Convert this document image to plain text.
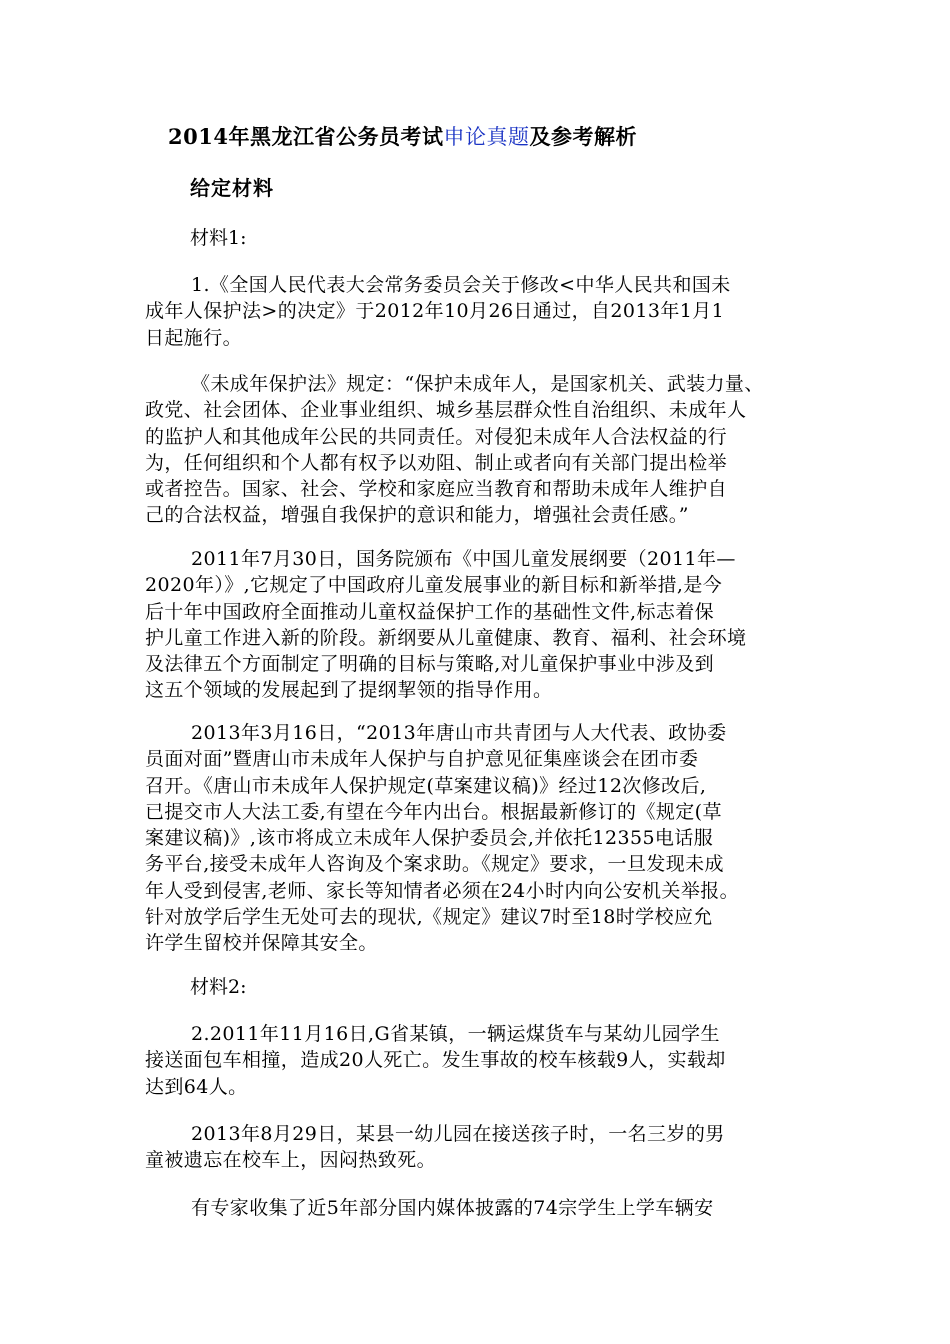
2014年黑龙江省公务员考试申论真题及参考解析
给定材料
材料1:
1.《全国人民代表大会常务委员会关于修改<中华人民共和国未
成年人保护法>的决定》于2012年10月26日通过，自2013年1月1
日起施行。
《未成年保护法》规定：“保护未成年人，是国家机关、武装力量、
政党、社会团体、企业事业组织、城乡基层群众性自治组织、未成年人
的监护人和其他成年公民的共同责任。对侵犯未成年人合法权益的行
为，任何组织和个人都有权予以劝阻、制止或者向有关部门提出检举
或者控告。国家、社会、学校和家庭应当教育和帮助未成年人维护自
己的合法权益，增强自我保护的意识和能力，增强社会责任感。”
2011年7月30日，国务院颁布《中国儿童发展纲要（2011年—
2020年）》,它规定了中国政府儿童发展事业的新目标和新举措,是今
后十年中国政府全面推动儿童权益保护工作的基础性文件,标志着保
护儿童工作进入新的阶段。新纲要从儿童健康、教育、福利、社会环境
及法律五个方面制定了明确的目标与策略,对儿童保护事业中涉及到
这五个领域的发展起到了提纲挈领的指导作用。
2013年3月16日，“2013年唐山市共青团与人大代表、政协委
员面对面”暨唐山市未成年人保护与自护意见征集座谈会在团市委
召开。《唐山市未成年人保护规定(草案建议稿)》经过12次修改后,
已提交市人大法工委,有望在今年内出台。根据最新修订的《规定(草
案建议稿)》,该市将成立未成年人保护委员会,并依托12355电话服
务平台,接受未成年人咨询及个案求助。《规定》要求，一旦发现未成
年人受到侵害,老师、家长等知情者必须在24小时内向公安机关举报。
针对放学后学生无处可去的现状,《规定》建议7时至18时学校应允
许学生留校并保障其安全。
材料2:
2.2011年11月16日,G省某镇，一辆运煤货车与某幼儿园学生
接送面包车相撞，造成20人死亡。发生事故的校车核载9人，实载却
达到64人。
2013年8月29日，某县一幼儿园在接送孩子时，一名三岁的男
童被遗忘在校车上，因闷热致死。
有专家收集了近5年部分国内媒体披露的74宗学生上学车辆安
